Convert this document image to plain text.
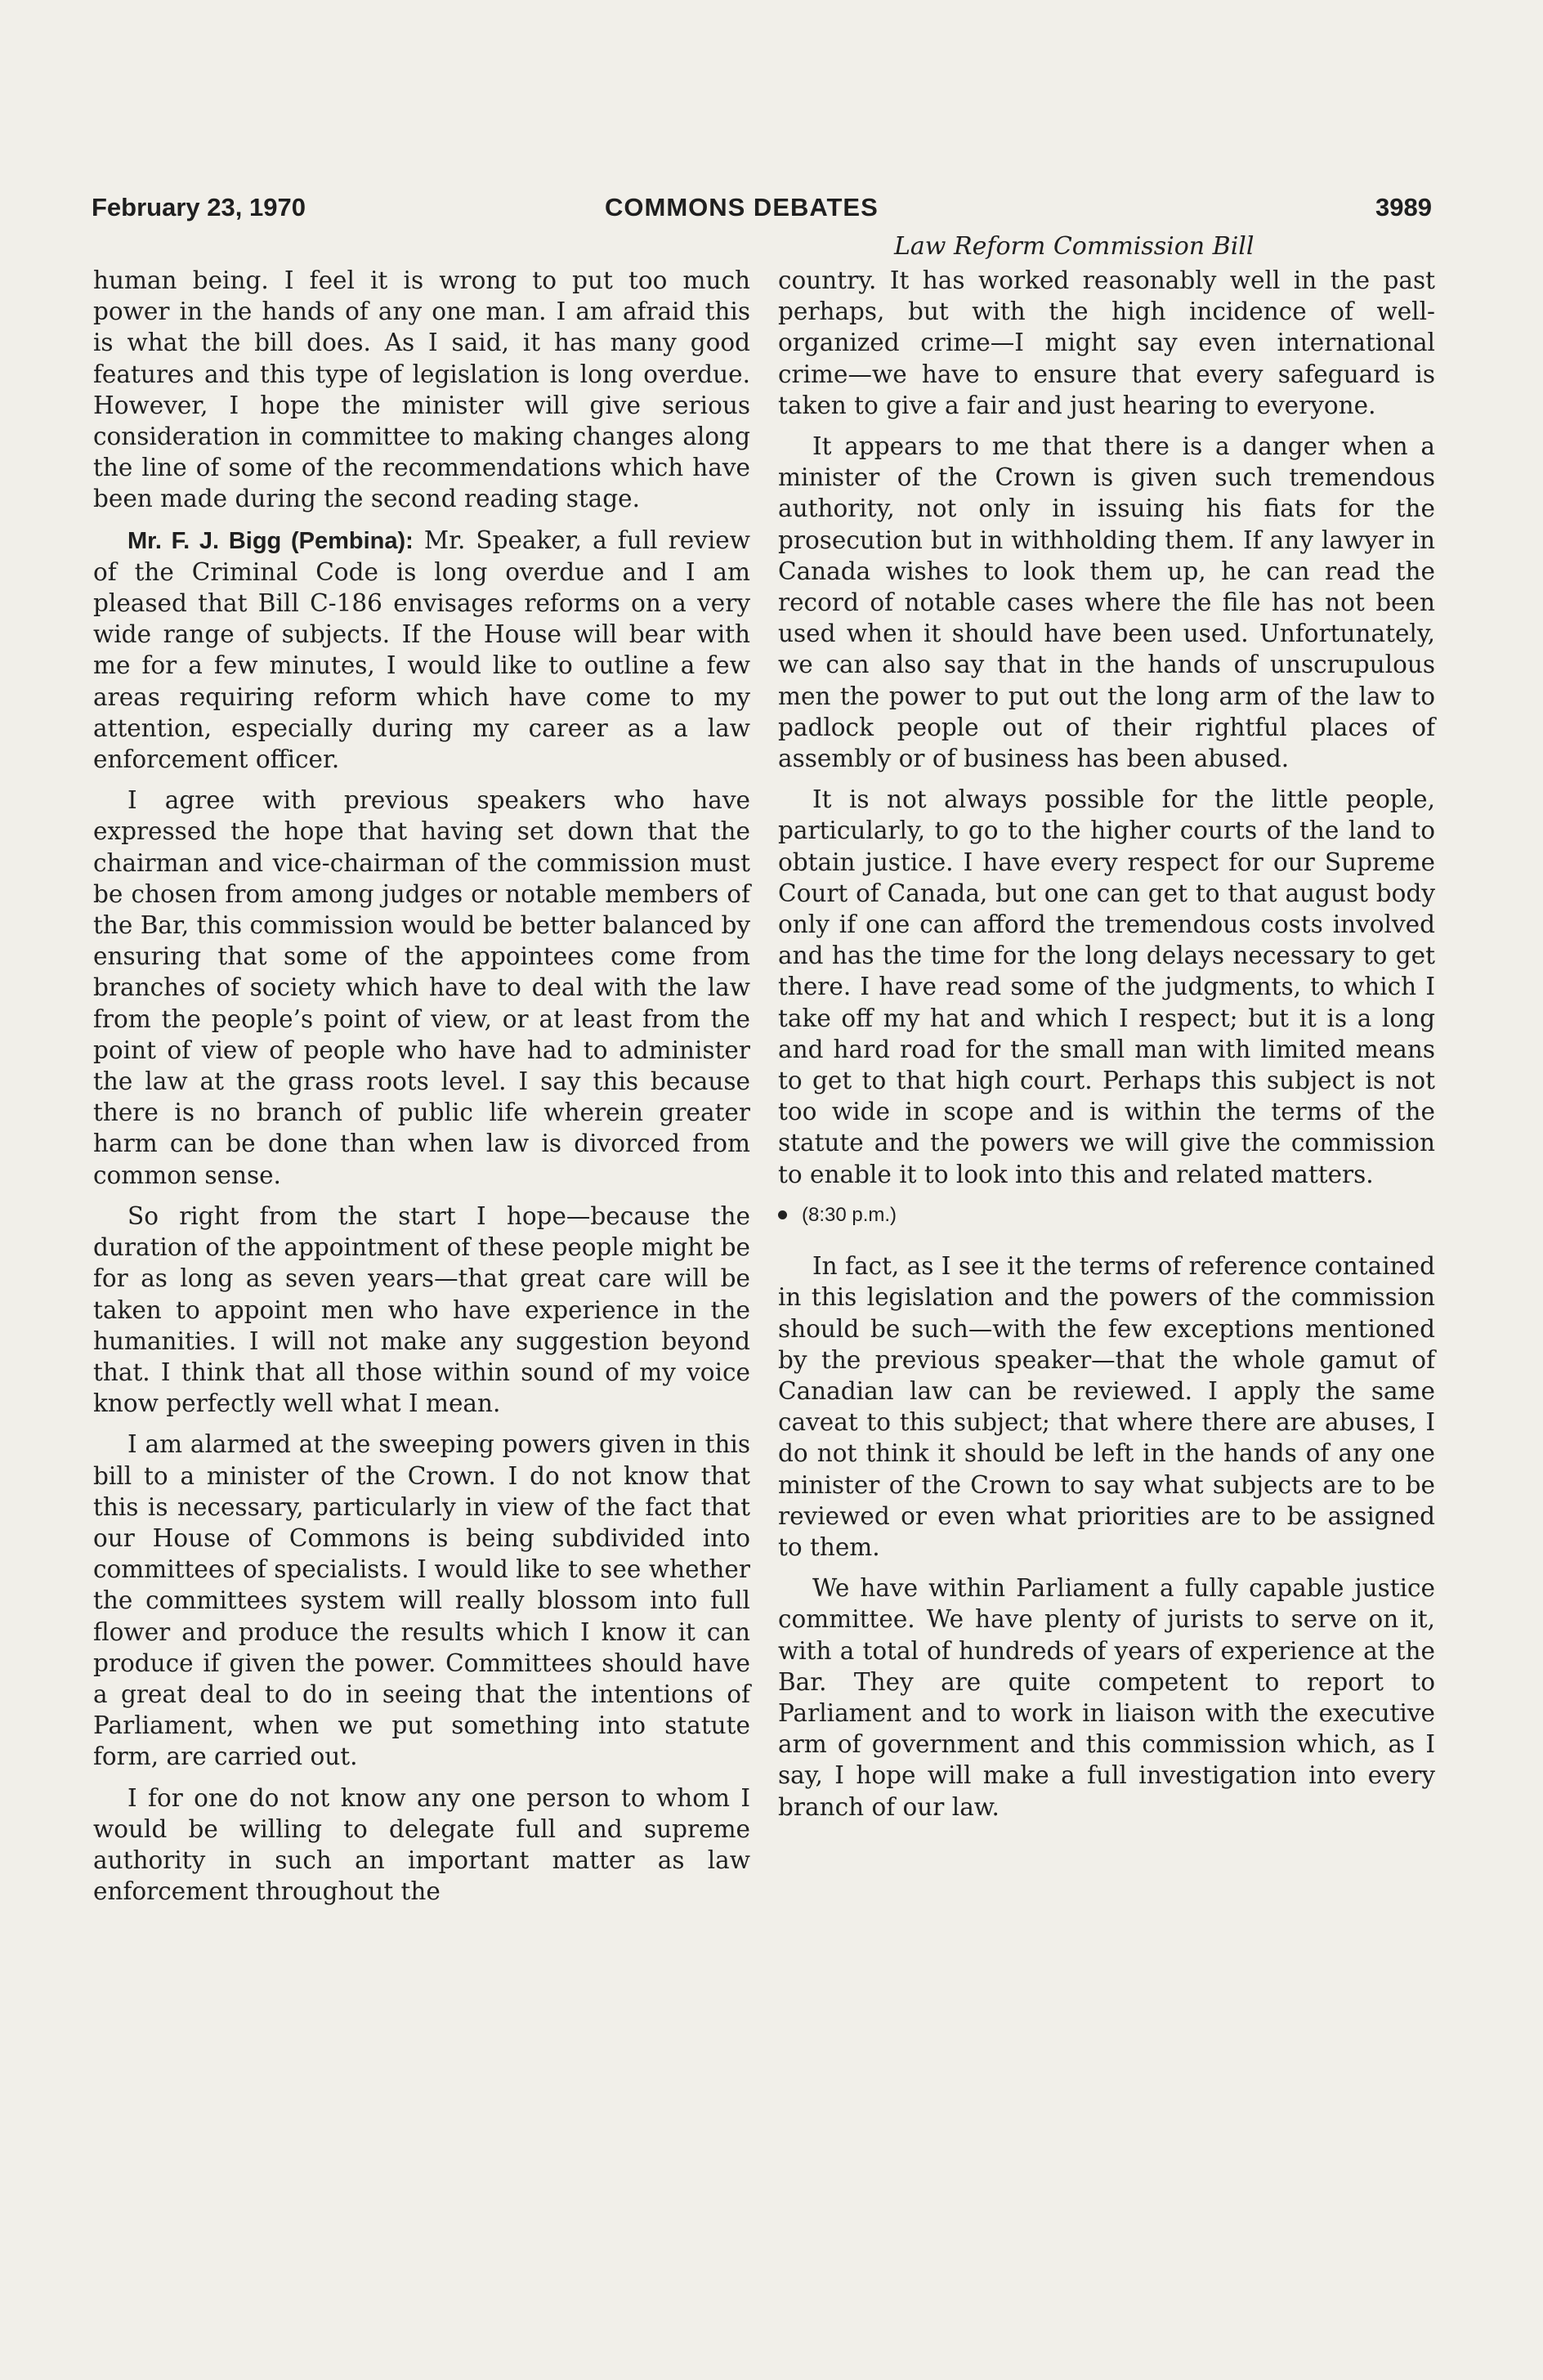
February 23, 1970	COMMONS DEBATES	3989
Law Reform Commission Bill

human being. I feel it is wrong to put too much power in the hands of any one man. I am afraid this is what the bill does. As I said, it has many good features and this type of legislation is long overdue. However, I hope the minister will give serious consideration in committee to making changes along the line of some of the recommendations which have been made during the second reading stage.

Mr. F. J. Bigg (Pembina): Mr. Speaker, a full review of the Criminal Code is long overdue and I am pleased that Bill C-186 envisages reforms on a very wide range of subjects. If the House will bear with me for a few minutes, I would like to outline a few areas requiring reform which have come to my attention, especially during my career as a law enforcement officer.

I agree with previous speakers who have expressed the hope that having set down that the chairman and vice-chairman of the commission must be chosen from among judges or notable members of the Bar, this commission would be better balanced by ensuring that some of the appointees come from branches of society which have to deal with the law from the people’s point of view, or at least from the point of view of people who have had to administer the law at the grass roots level. I say this because there is no branch of public life wherein greater harm can be done than when law is divorced from common sense.

So right from the start I hope—because the duration of the appointment of these people might be for as long as seven years—that great care will be taken to appoint men who have experience in the humanities. I will not make any suggestion beyond that. I think that all those within sound of my voice know perfectly well what I mean.

I am alarmed at the sweeping powers given in this bill to a minister of the Crown. I do not know that this is necessary, particularly in view of the fact that our House of Commons is being subdivided into committees of specialists. I would like to see whether the committees system will really blossom into full flower and produce the results which I know it can produce if given the power. Committees should have a great deal to do in seeing that the intentions of Parliament, when we put something into statute form, are carried out.

I for one do not know any one person to whom I would be willing to delegate full and supreme authority in such an important matter as law enforcement throughout the

country. It has worked reasonably well in the past perhaps, but with the high incidence of well-organized crime—I might say even international crime—we have to ensure that every safeguard is taken to give a fair and just hearing to everyone.

It appears to me that there is a danger when a minister of the Crown is given such tremendous authority, not only in issuing his fiats for the prosecution but in withholding them. If any lawyer in Canada wishes to look them up, he can read the record of notable cases where the file has not been used when it should have been used. Unfortunately, we can also say that in the hands of unscrupulous men the power to put out the long arm of the law to padlock people out of their rightful places of assembly or of business has been abused.

It is not always possible for the little people, particularly, to go to the higher courts of the land to obtain justice. I have every respect for our Supreme Court of Canada, but one can get to that august body only if one can afford the tremendous costs involved and has the time for the long delays necessary to get there. I have read some of the judgments, to which I take off my hat and which I respect; but it is a long and hard road for the small man with limited means to get to that high court. Perhaps this subject is not too wide in scope and is within the terms of the statute and the powers we will give the commission to enable it to look into this and related matters.

(8:30 p.m.)

In fact, as I see it the terms of reference contained in this legislation and the powers of the commission should be such—with the few exceptions mentioned by the previous speaker—that the whole gamut of Canadian law can be reviewed. I apply the same caveat to this subject; that where there are abuses, I do not think it should be left in the hands of any one minister of the Crown to say what subjects are to be reviewed or even what priorities are to be assigned to them.

We have within Parliament a fully capable justice committee. We have plenty of jurists to serve on it, with a total of hundreds of years of experience at the Bar. They are quite competent to report to Parliament and to work in liaison with the executive arm of government and this commission which, as I say, I hope will make a full investigation into every branch of our law.
